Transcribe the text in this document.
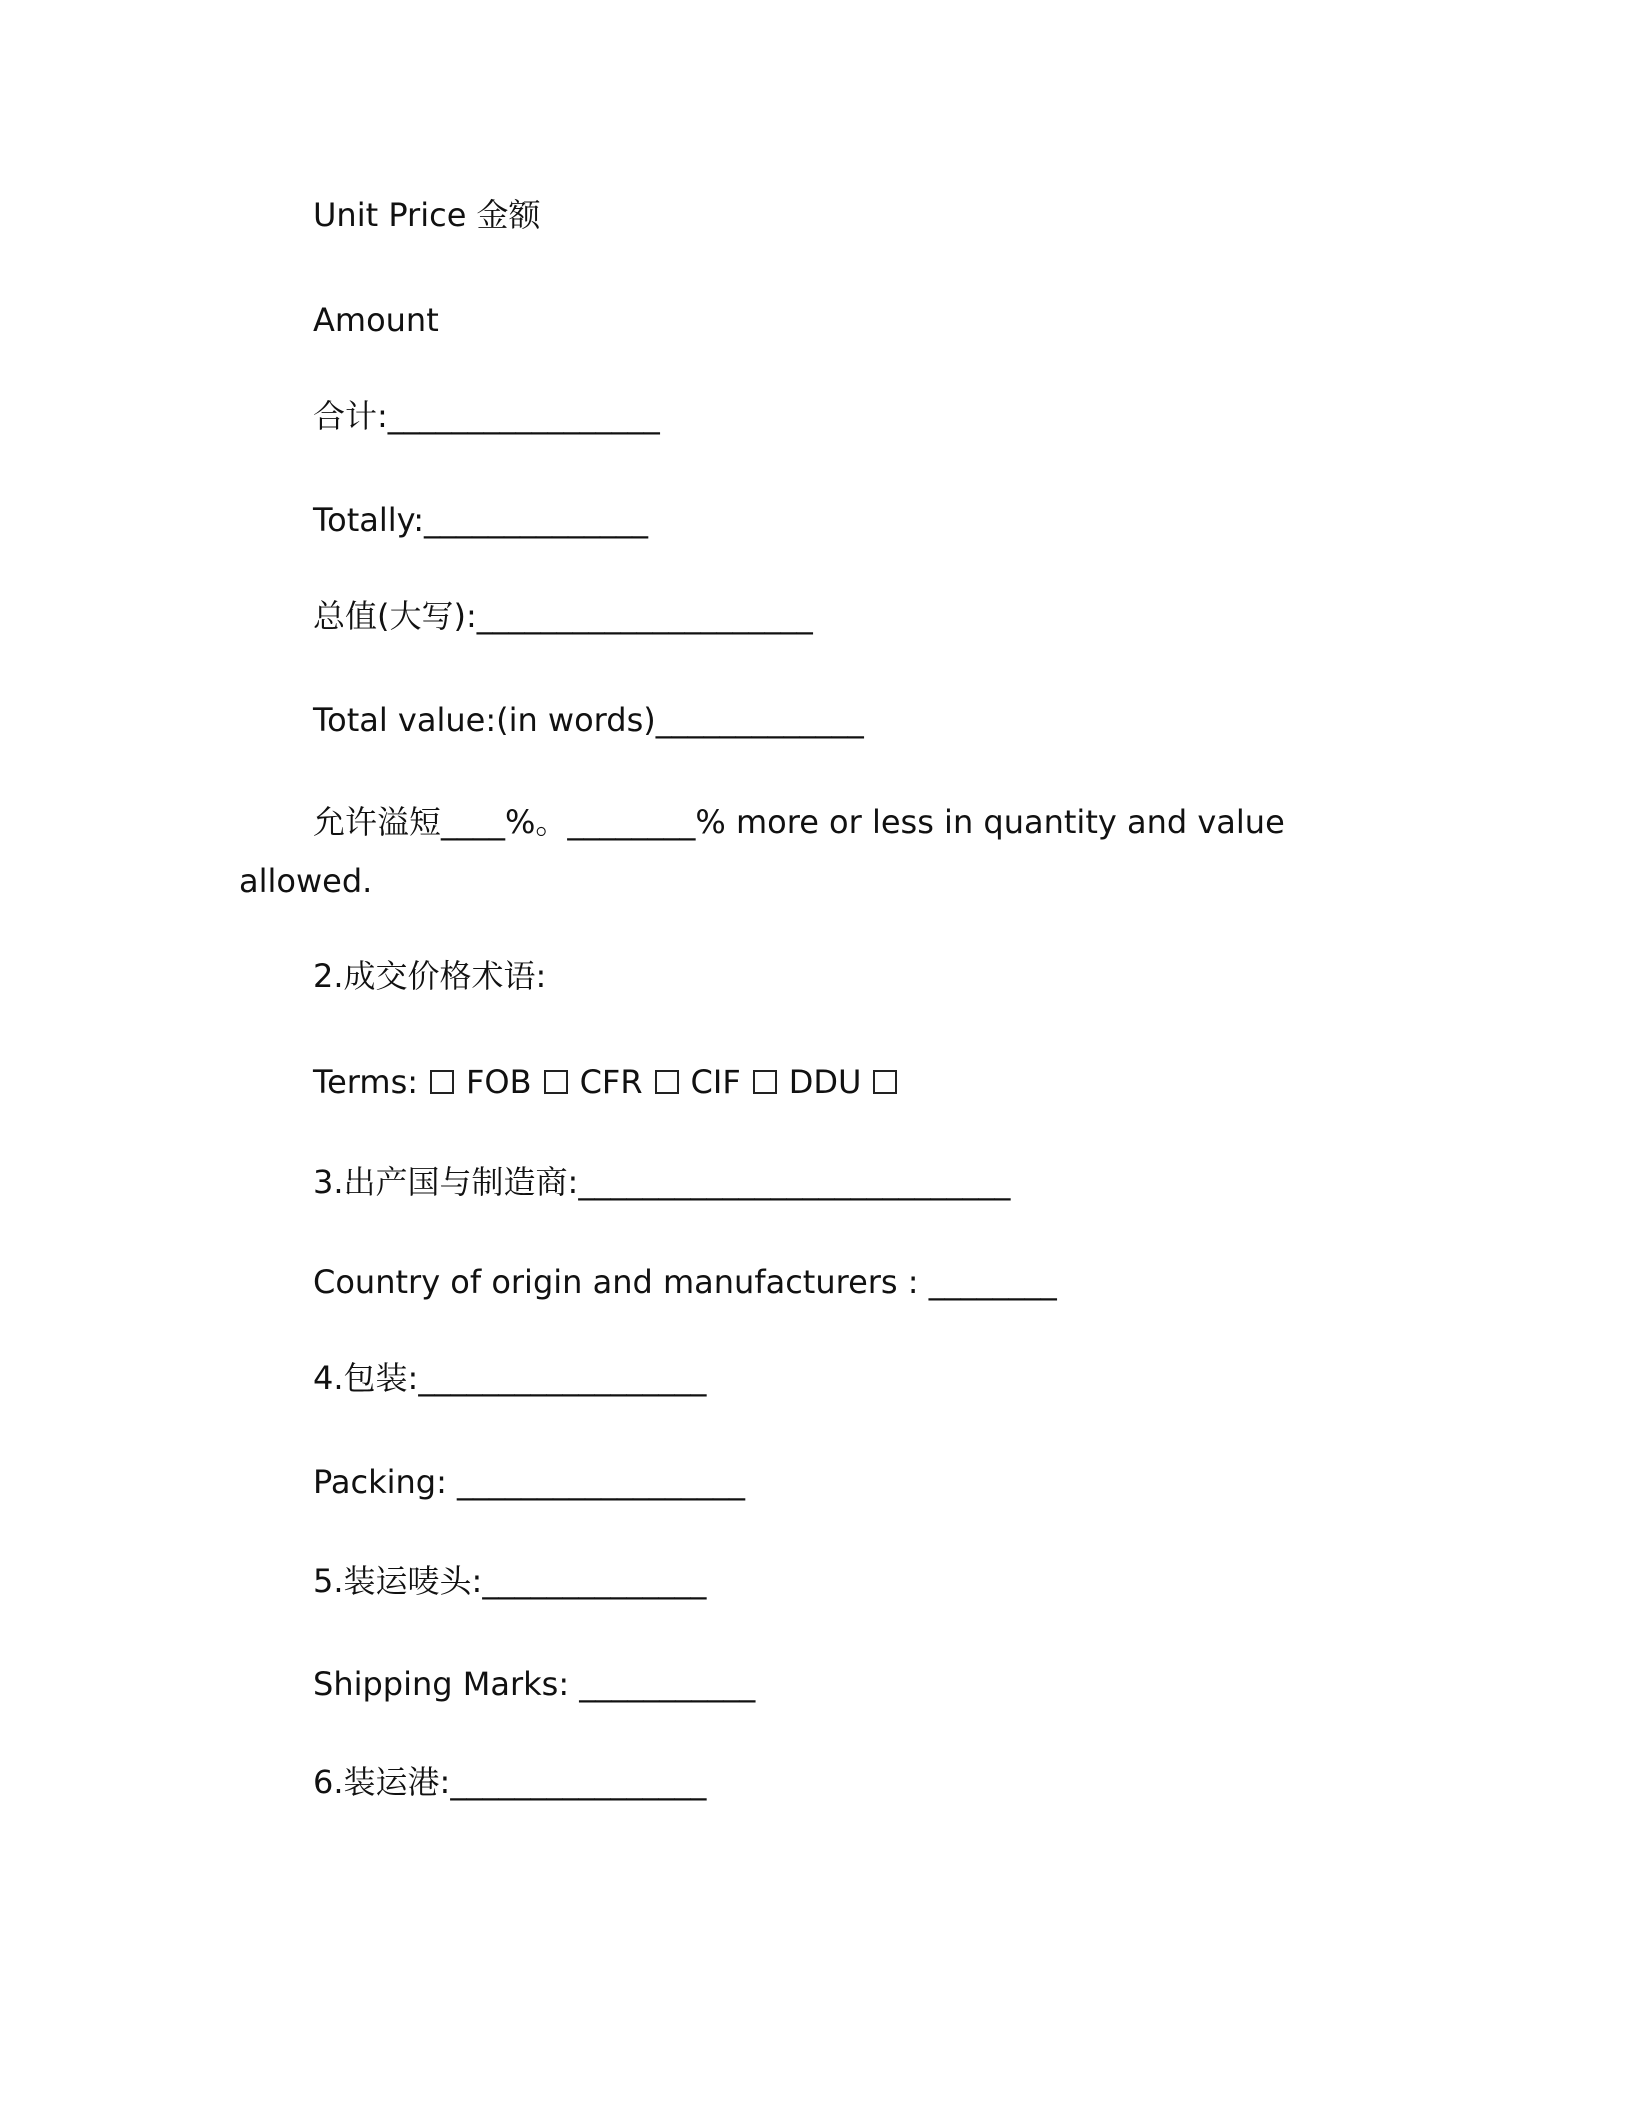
Unit Price 金额
Amount
合计:_________________
Totally:______________
总值(大写):_____________________
Total value:(in words)_____________
允许溢短____%。________% more or less in quantity and value allowed.
2.成交价格术语:
Terms: FOB CFR CIF DDU
3.出产国与制造商:___________________________
Country of origin and manufacturers : ________
4.包装:__________________
Packing: __________________
5.装运唛头:______________
Shipping Marks: ___________
6.装运港:________________
